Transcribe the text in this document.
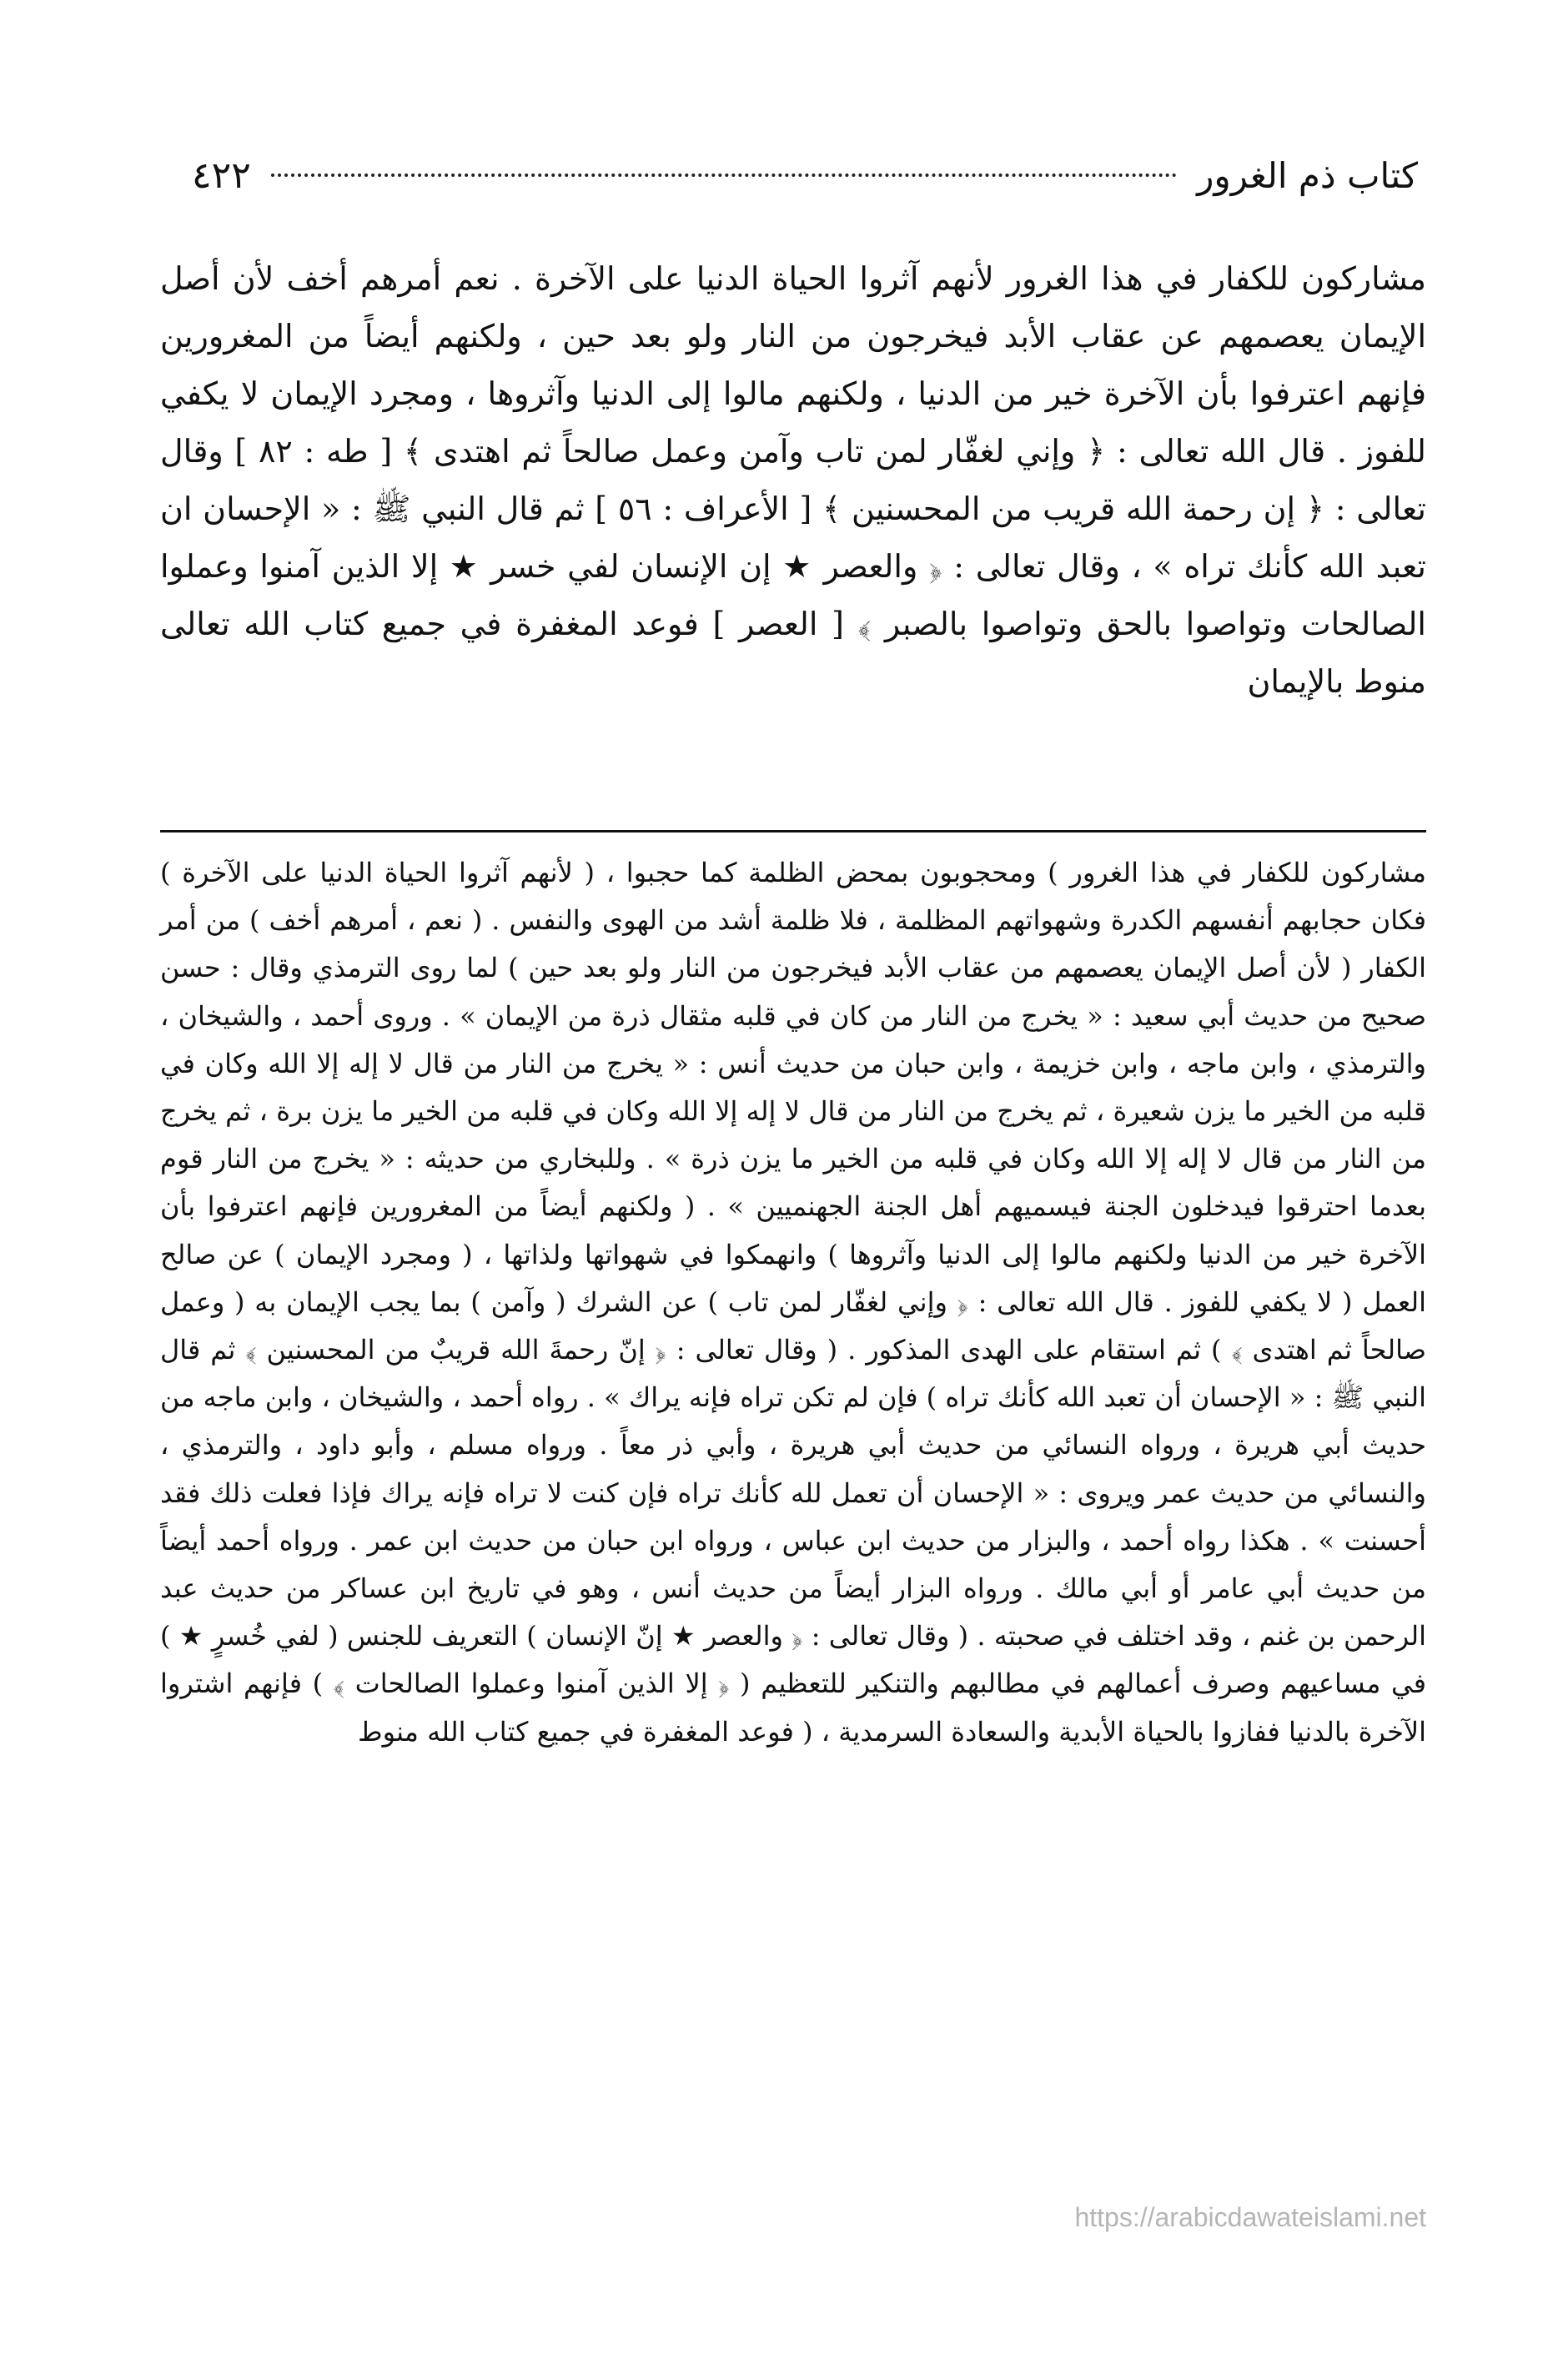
٤٢٢	كتاب ذم الغرور

مشاركون للكفار في هذا الغرور لأنهم آثروا الحياة الدنيا على الآخرة . نعم أمرهم أخف لأن أصل الإيمان يعصمهم عن عقاب الأبد فيخرجون من النار ولو بعد حين ، ولكنهم أيضاً من المغرورين فإنهم اعترفوا بأن الآخرة خير من الدنيا ، ولكنهم مالوا إلى الدنيا وآثروها ، ومجرد الإيمان لا يكفي للفوز . قال الله تعالى : ﴿ وإني لغفّار لمن تاب وآمن وعمل صالحاً ثم اهتدى ﴾ [ طه : ٨٢ ] وقال تعالى : ﴿ إن رحمة الله قريب من المحسنين ﴾ [ الأعراف : ٥٦ ] ثم قال النبي ﷺ : « الإحسان ان تعبد الله كأنك تراه » ، وقال تعالى : ﴿ والعصر ★ إن الإنسان لفي خسر ★ إلا الذين آمنوا وعملوا الصالحات وتواصوا بالحق وتواصوا بالصبر ﴾ [ العصر ] فوعد المغفرة في جميع كتاب الله تعالى منوط بالإيمان

مشاركون للكفار في هذا الغرور ) ومحجوبون بمحض الظلمة كما حجبوا ، ( لأنهم آثروا الحياة الدنيا على الآخرة ) فكان حجابهم أنفسهم الكدرة وشهواتهم المظلمة ، فلا ظلمة أشد من الهوى والنفس . ( نعم ، أمرهم أخف ) من أمر الكفار ( لأن أصل الإيمان يعصمهم من عقاب الأبد فيخرجون من النار ولو بعد حين ) لما روى الترمذي وقال : حسن صحيح من حديث أبي سعيد : « يخرج من النار من كان في قلبه مثقال ذرة من الإيمان » . وروى أحمد ، والشيخان ، والترمذي ، وابن ماجه ، وابن خزيمة ، وابن حبان من حديث أنس : « يخرج من النار من قال لا إله إلا الله وكان في قلبه من الخير ما يزن شعيرة ، ثم يخرج من النار من قال لا إله إلا الله وكان في قلبه من الخير ما يزن برة ، ثم يخرج من النار من قال لا إله إلا الله وكان في قلبه من الخير ما يزن ذرة » . وللبخاري من حديثه : « يخرج من النار قوم بعدما احترقوا فيدخلون الجنة فيسميهم أهل الجنة الجهنميين » . ( ولكنهم أيضاً من المغرورين فإنهم اعترفوا بأن الآخرة خير من الدنيا ولكنهم مالوا إلى الدنيا وآثروها ) وانهمكوا في شهواتها ولذاتها ، ( ومجرد الإيمان ) عن صالح العمل ( لا يكفي للفوز . قال الله تعالى : ﴿ وإني لغفّار لمن تاب ) عن الشرك ( وآمن ) بما يجب الإيمان به ( وعمل صالحاً ثم اهتدى ﴾ ) ثم استقام على الهدى المذكور . ( وقال تعالى : ﴿ إنّ رحمةَ الله قريبٌ من المحسنين ﴾ ثم قال النبي ﷺ : « الإحسان أن تعبد الله كأنك تراه ) فإن لم تكن تراه فإنه يراك » . رواه أحمد ، والشيخان ، وابن ماجه من حديث أبي هريرة ، ورواه النسائي من حديث أبي هريرة ، وأبي ذر معاً . ورواه مسلم ، وأبو داود ، والترمذي ، والنسائي من حديث عمر ويروى : « الإحسان أن تعمل لله كأنك تراه فإن كنت لا تراه فإنه يراك فإذا فعلت ذلك فقد أحسنت » . هكذا رواه أحمد ، والبزار من حديث ابن عباس ، ورواه ابن حبان من حديث ابن عمر . ورواه أحمد أيضاً من حديث أبي عامر أو أبي مالك . ورواه البزار أيضاً من حديث أنس ، وهو في تاريخ ابن عساكر من حديث عبد الرحمن بن غنم ، وقد اختلف في صحبته . ( وقال تعالى : ﴿ والعصر ★ إنّ الإنسان ) التعريف للجنس ( لفي خُسرٍ ★ ) في مساعيهم وصرف أعمالهم في مطالبهم والتنكير للتعظيم ( ﴿ إلا الذين آمنوا وعملوا الصالحات ﴾ ) فإنهم اشتروا الآخرة بالدنيا ففازوا بالحياة الأبدية والسعادة السرمدية ، ( فوعد المغفرة في جميع كتاب الله منوط

https://arabicdawateislami.net
